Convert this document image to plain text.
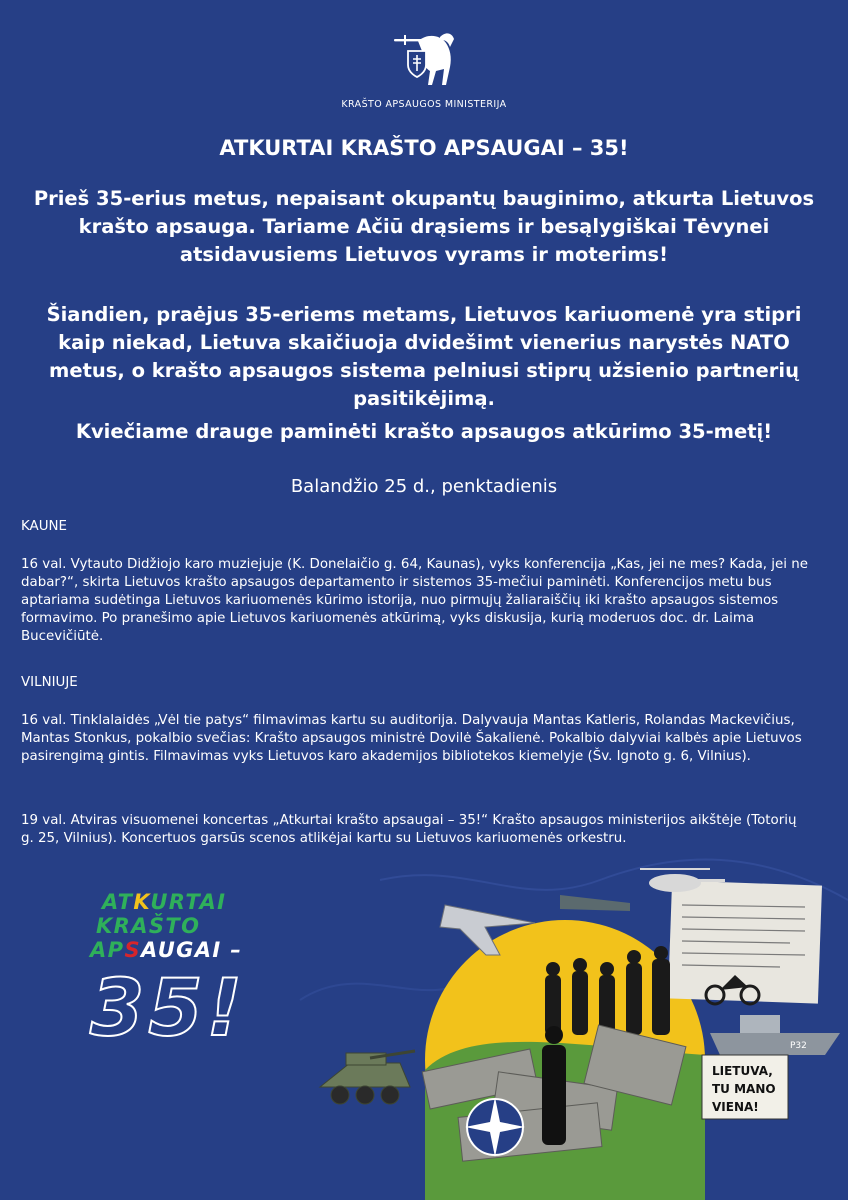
KRAŠTO APSAUGOS MINISTERIJA
ATKURTAI KRAŠTO APSAUGAI – 35!

Prieš 35-erius metus, nepaisant okupantų bauginimo, atkurta Lietuvos krašto apsauga. Tariame Ačiū drąsiems ir besąlygiškai Tėvynei atsidavusiems Lietuvos vyrams ir moterims!

Šiandien, praėjus 35-eriems metams, Lietuvos kariuomenė yra stipri kaip niekad, Lietuva skaičiuoja dvidešimt vienerius narystės NATO metus, o krašto apsaugos sistema pelniusi stiprų užsienio partnerių pasitikėjimą.

Kviečiame drauge paminėti krašto apsaugos atkūrimo 35-metį!

Balandžio 25 d., penktadienis

KAUNE

16 val. Vytauto Didžiojo karo muziejuje (K. Donelaičio g. 64, Kaunas), vyks konferencija „Kas, jei ne mes? Kada, jei ne dabar?“, skirta Lietuvos krašto apsaugos departamento ir sistemos 35-mečiui paminėti. Konferencijos metu bus aptariama sudėtinga Lietuvos kariuomenės kūrimo istorija, nuo pirmųjų žaliaraiščių iki krašto apsaugos sistemos formavimo. Po pranešimo apie Lietuvos kariuomenės atkūrimą, vyks diskusija, kurią moderuos doc. dr. Laima Bucevičiūtė.

VILNIUJE

16 val. Tinklalaidės „Vėl tie patys“ filmavimas kartu su auditorija. Dalyvauja Mantas Katleris, Rolandas Mackevičius, Mantas Stonkus, pokalbio svečias: Krašto apsaugos ministrė Dovilė Šakalienė. Pokalbio dalyviai kalbės apie Lietuvos pasirengimą gintis. Filmavimas vyks Lietuvos karo akademijos bibliotekos kiemelyje (Šv. Ignoto g. 6, Vilnius).

19 val. Atviras visuomenei koncertas „Atkurtai krašto apsaugai – 35!“ Krašto apsaugos ministerijos aikštėje (Totorių g. 25, Vilnius). Koncertuos garsūs scenos atlikėjai kartu su Lietuvos kariuomenės orkestru.

ATKURTAI
KRAŠTO
APSAUGAI –
35!	P32
LIETUVA,
TU MANO
VIENA!
